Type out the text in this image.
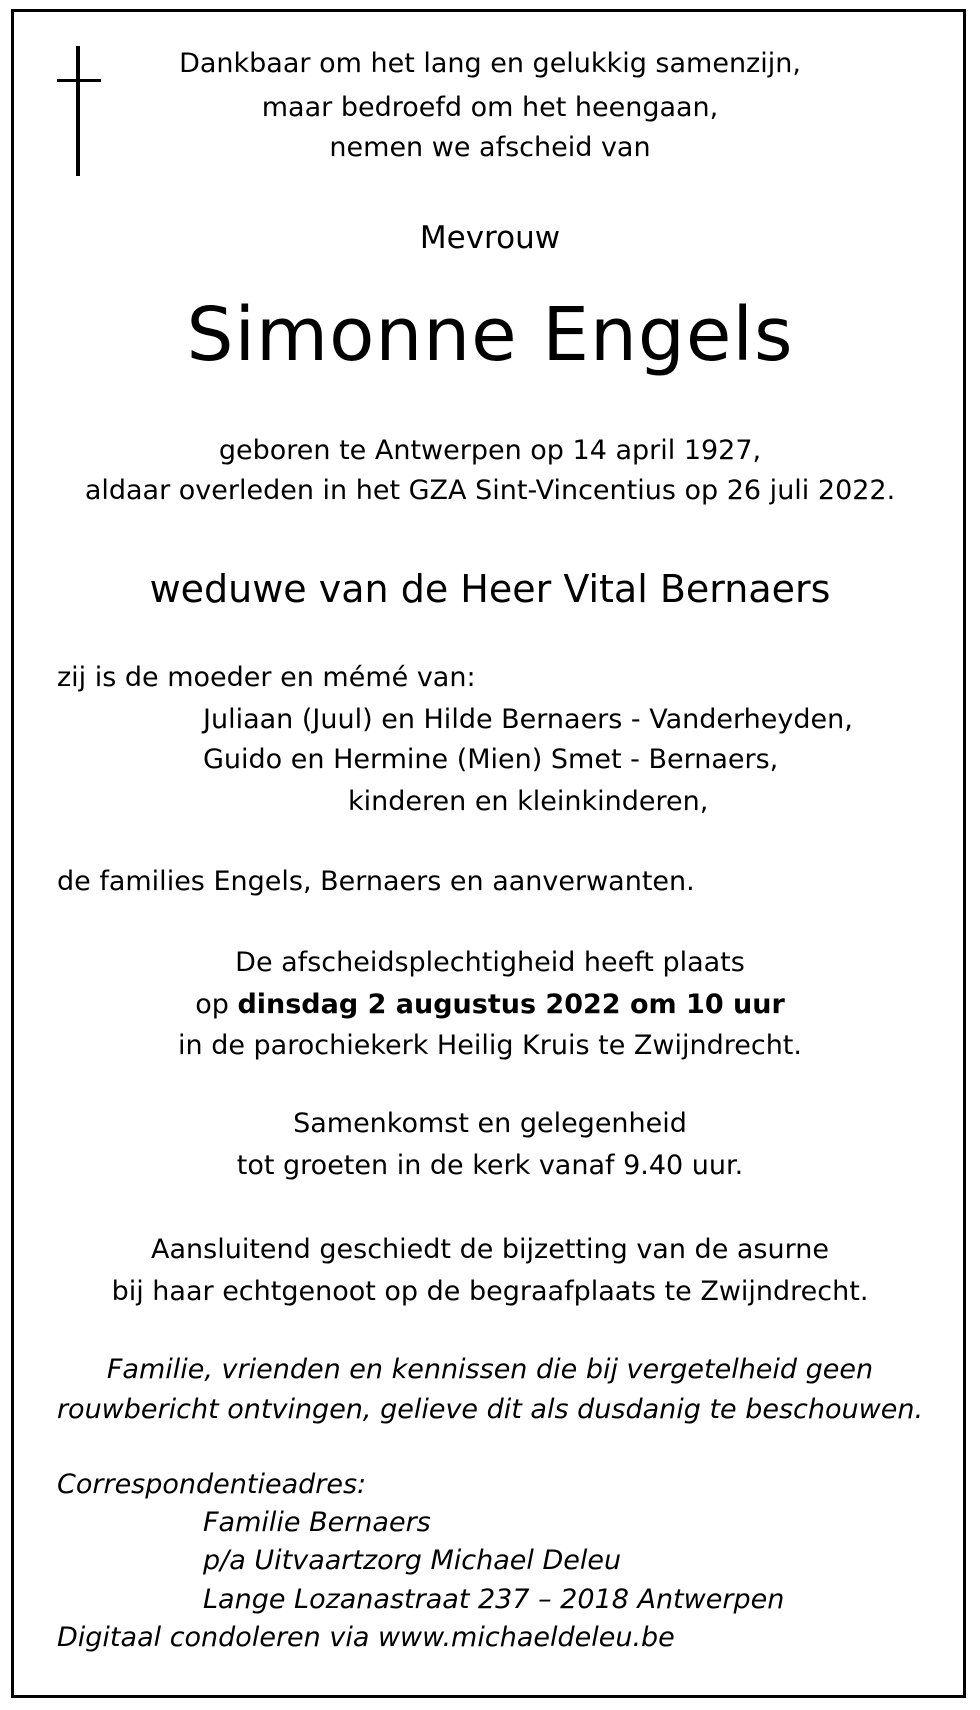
Dankbaar om het lang en gelukkig samenzijn,
maar bedroefd om het heengaan,
nemen we afscheid van
Mevrouw
Simonne Engels
geboren te Antwerpen op 14 april 1927,
aldaar overleden in het GZA Sint-Vincentius op 26 juli 2022.
weduwe van de Heer Vital Bernaers
zij is de moeder en mémé van:
Juliaan (Juul) en Hilde Bernaers - Vanderheyden,
Guido en Hermine (Mien) Smet - Bernaers,
kinderen en kleinkinderen,
de families Engels, Bernaers en aanverwanten.
De afscheidsplechtigheid heeft plaats
op dinsdag 2 augustus 2022 om 10 uur
in de parochiekerk Heilig Kruis te Zwijndrecht.
Samenkomst en gelegenheid
tot groeten in de kerk vanaf 9.40 uur.
Aansluitend geschiedt de bijzetting van de asurne
bij haar echtgenoot op de begraafplaats te Zwijndrecht.
Familie, vrienden en kennissen die bij vergetelheid geen
rouwbericht ontvingen, gelieve dit als dusdanig te beschouwen.
Correspondentieadres:
Familie Bernaers
p/a Uitvaartzorg Michael Deleu
Lange Lozanastraat 237 – 2018 Antwerpen
Digitaal condoleren via www.michaeldeleu.be
